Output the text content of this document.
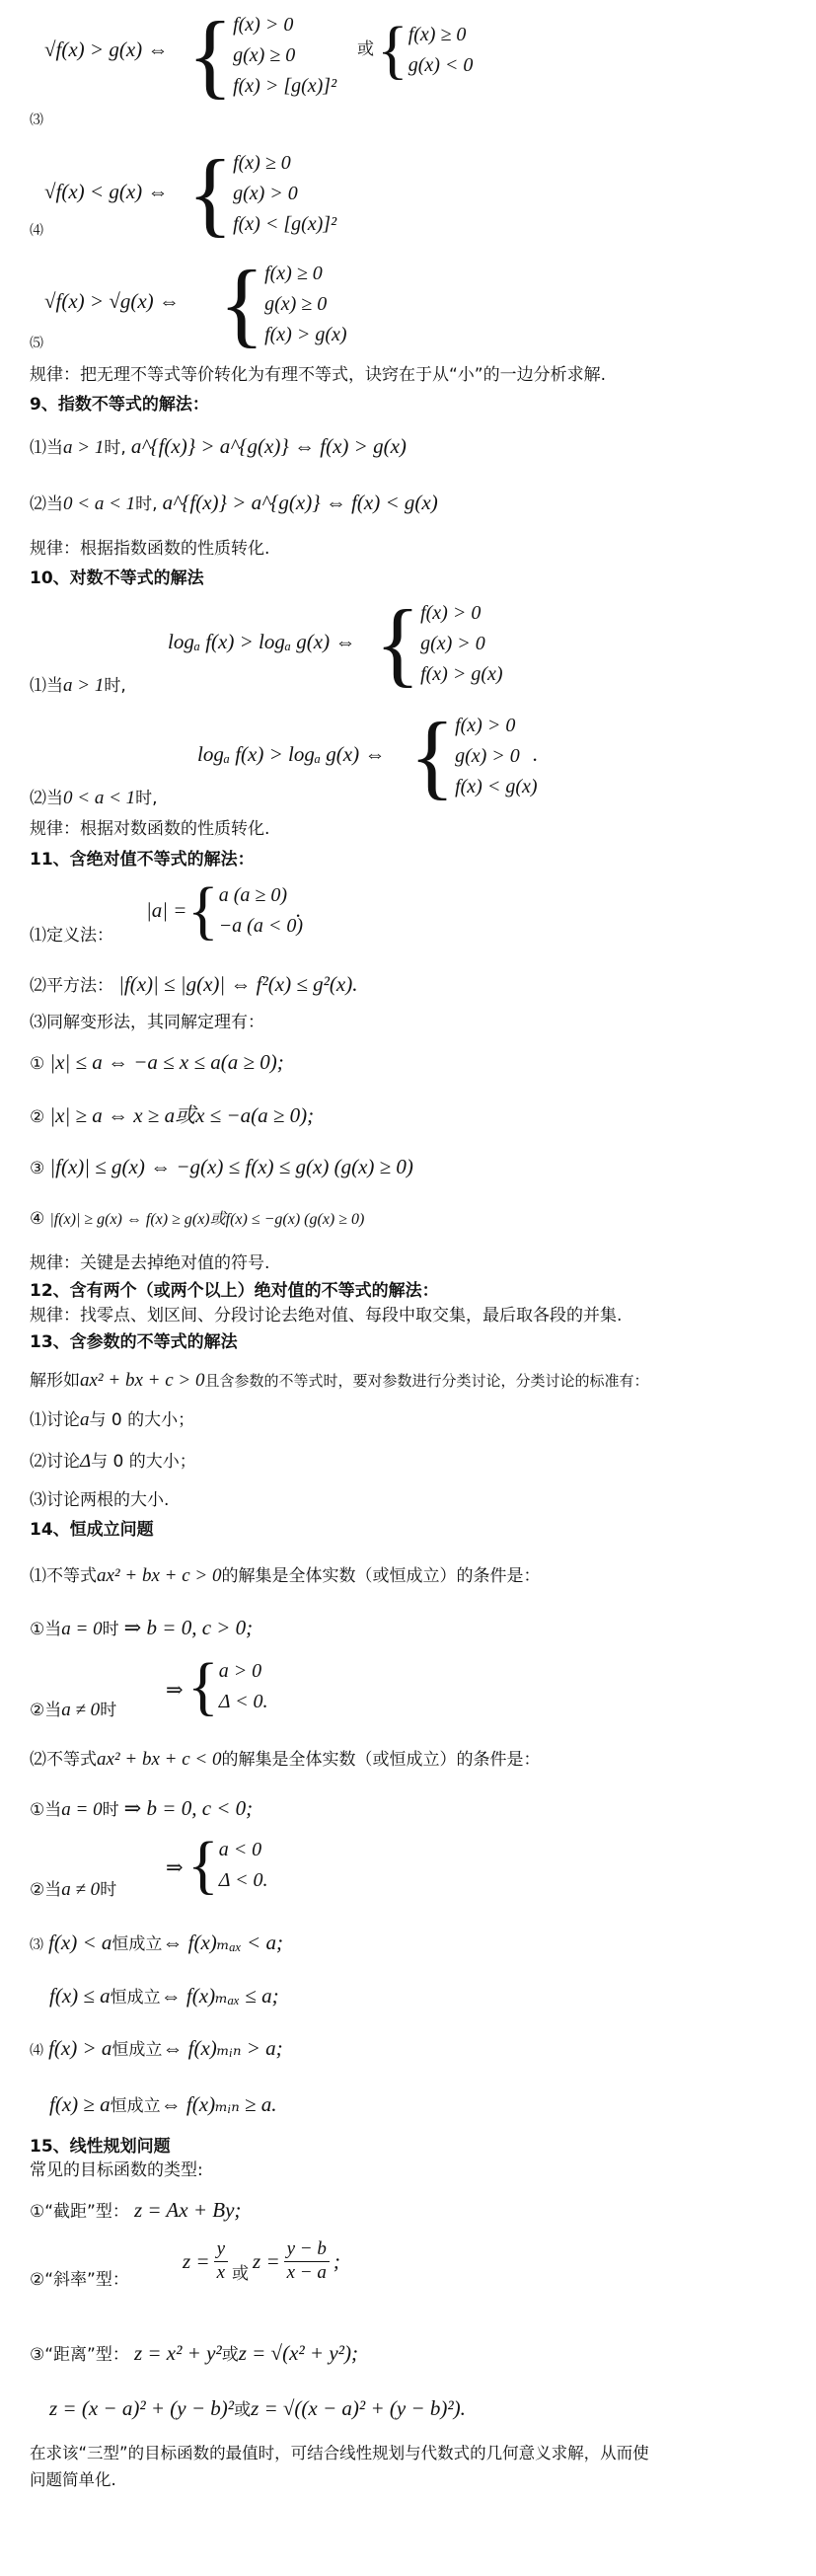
√f(x) > g(x) ⇔ { f(x) > 0
g(x) ≥ 0
f(x) > [g(x)]²
或 { f(x) ≥ 0
g(x) < 0
⑶
√f(x) < g(x) ⇔ { f(x) ≥ 0
g(x) > 0
f(x) < [g(x)]²
⑷
√f(x) > √g(x) ⇔ { f(x) ≥ 0
g(x) ≥ 0
f(x) > g(x)
⑸
规律：把无理不等式等价转化为有理不等式，诀窍在于从“小”的一边分析求解.
9、指数不等式的解法：
⑴当a > 1时, a^{f(x)} > a^{g(x)} ⇔ f(x) > g(x)
⑵当0 < a < 1时, a^{f(x)} > a^{g(x)} ⇔ f(x) < g(x)
规律：根据指数函数的性质转化.
10、对数不等式的解法
logₐ f(x) > logₐ g(x) ⇔ { f(x) > 0
g(x) > 0
f(x) > g(x)
⑴当a > 1时,
logₐ f(x) > logₐ g(x) ⇔ { f(x) > 0
g(x) > 0
f(x) < g(x)
.
⑵当0 < a < 1时,
规律：根据对数函数的性质转化.
11、含绝对值不等式的解法：
|a| = { a (a ≥ 0)
−a (a < 0)
.
⑴定义法：
⑵平方法： |f(x)| ≤ |g(x)| ⇔ f²(x) ≤ g²(x).
⑶同解变形法，其同解定理有：
① |x| ≤ a ⇔ −a ≤ x ≤ a(a ≥ 0);
② |x| ≥ a ⇔ x ≥ a或x ≤ −a(a ≥ 0);
③ |f(x)| ≤ g(x) ⇔ −g(x) ≤ f(x) ≤ g(x) (g(x) ≥ 0)
④ |f(x)| ≥ g(x) ⇔ f(x) ≥ g(x)或f(x) ≤ −g(x) (g(x) ≥ 0)
规律：关键是去掉绝对值的符号.
12、含有两个（或两个以上）绝对值的不等式的解法：
规律：找零点、划区间、分段讨论去绝对值、每段中取交集，最后取各段的并集.
13、含参数的不等式的解法
解形如ax² + bx + c > 0且含参数的不等式时，要对参数进行分类讨论，分类讨论的标准有：
⑴讨论a与 0 的大小；
⑵讨论Δ与 0 的大小；
⑶讨论两根的大小.
14、恒成立问题
⑴不等式ax² + bx + c > 0的解集是全体实数（或恒成立）的条件是：
①当a = 0时 ⇒ b = 0, c > 0;
②当a ≠ 0时
⇒ { a > 0
Δ < 0.
⑵不等式ax² + bx + c < 0的解集是全体实数（或恒成立）的条件是：
①当a = 0时 ⇒ b = 0, c < 0;
⇒ { a < 0
Δ < 0.
②当a ≠ 0时
⑶ f(x) < a恒成立⇔ f(x)ₘₐₓ < a;
f(x) ≤ a恒成立⇔ f(x)ₘₐₓ ≤ a;
⑷ f(x) > a恒成立⇔ f(x)ₘᵢₙ > a;
f(x) ≥ a恒成立⇔ f(x)ₘᵢₙ ≥ a.
15、线性规划问题
常见的目标函数的类型:
①“截距”型： z = Ax + By;
②“斜率”型：
$z = \frac{y}{x}$ 或
$z = \frac{y - b}{x - a}$ ;
③“距离”型： z = x² + y²或z = √(x² + y²);
z = (x − a)² + (y − b)²或z = √((x − a)² + (y − b)²).
在求该“三型”的目标函数的最值时，可结合线性规划与代数式的几何意义求解，从而使
问题简单化.
